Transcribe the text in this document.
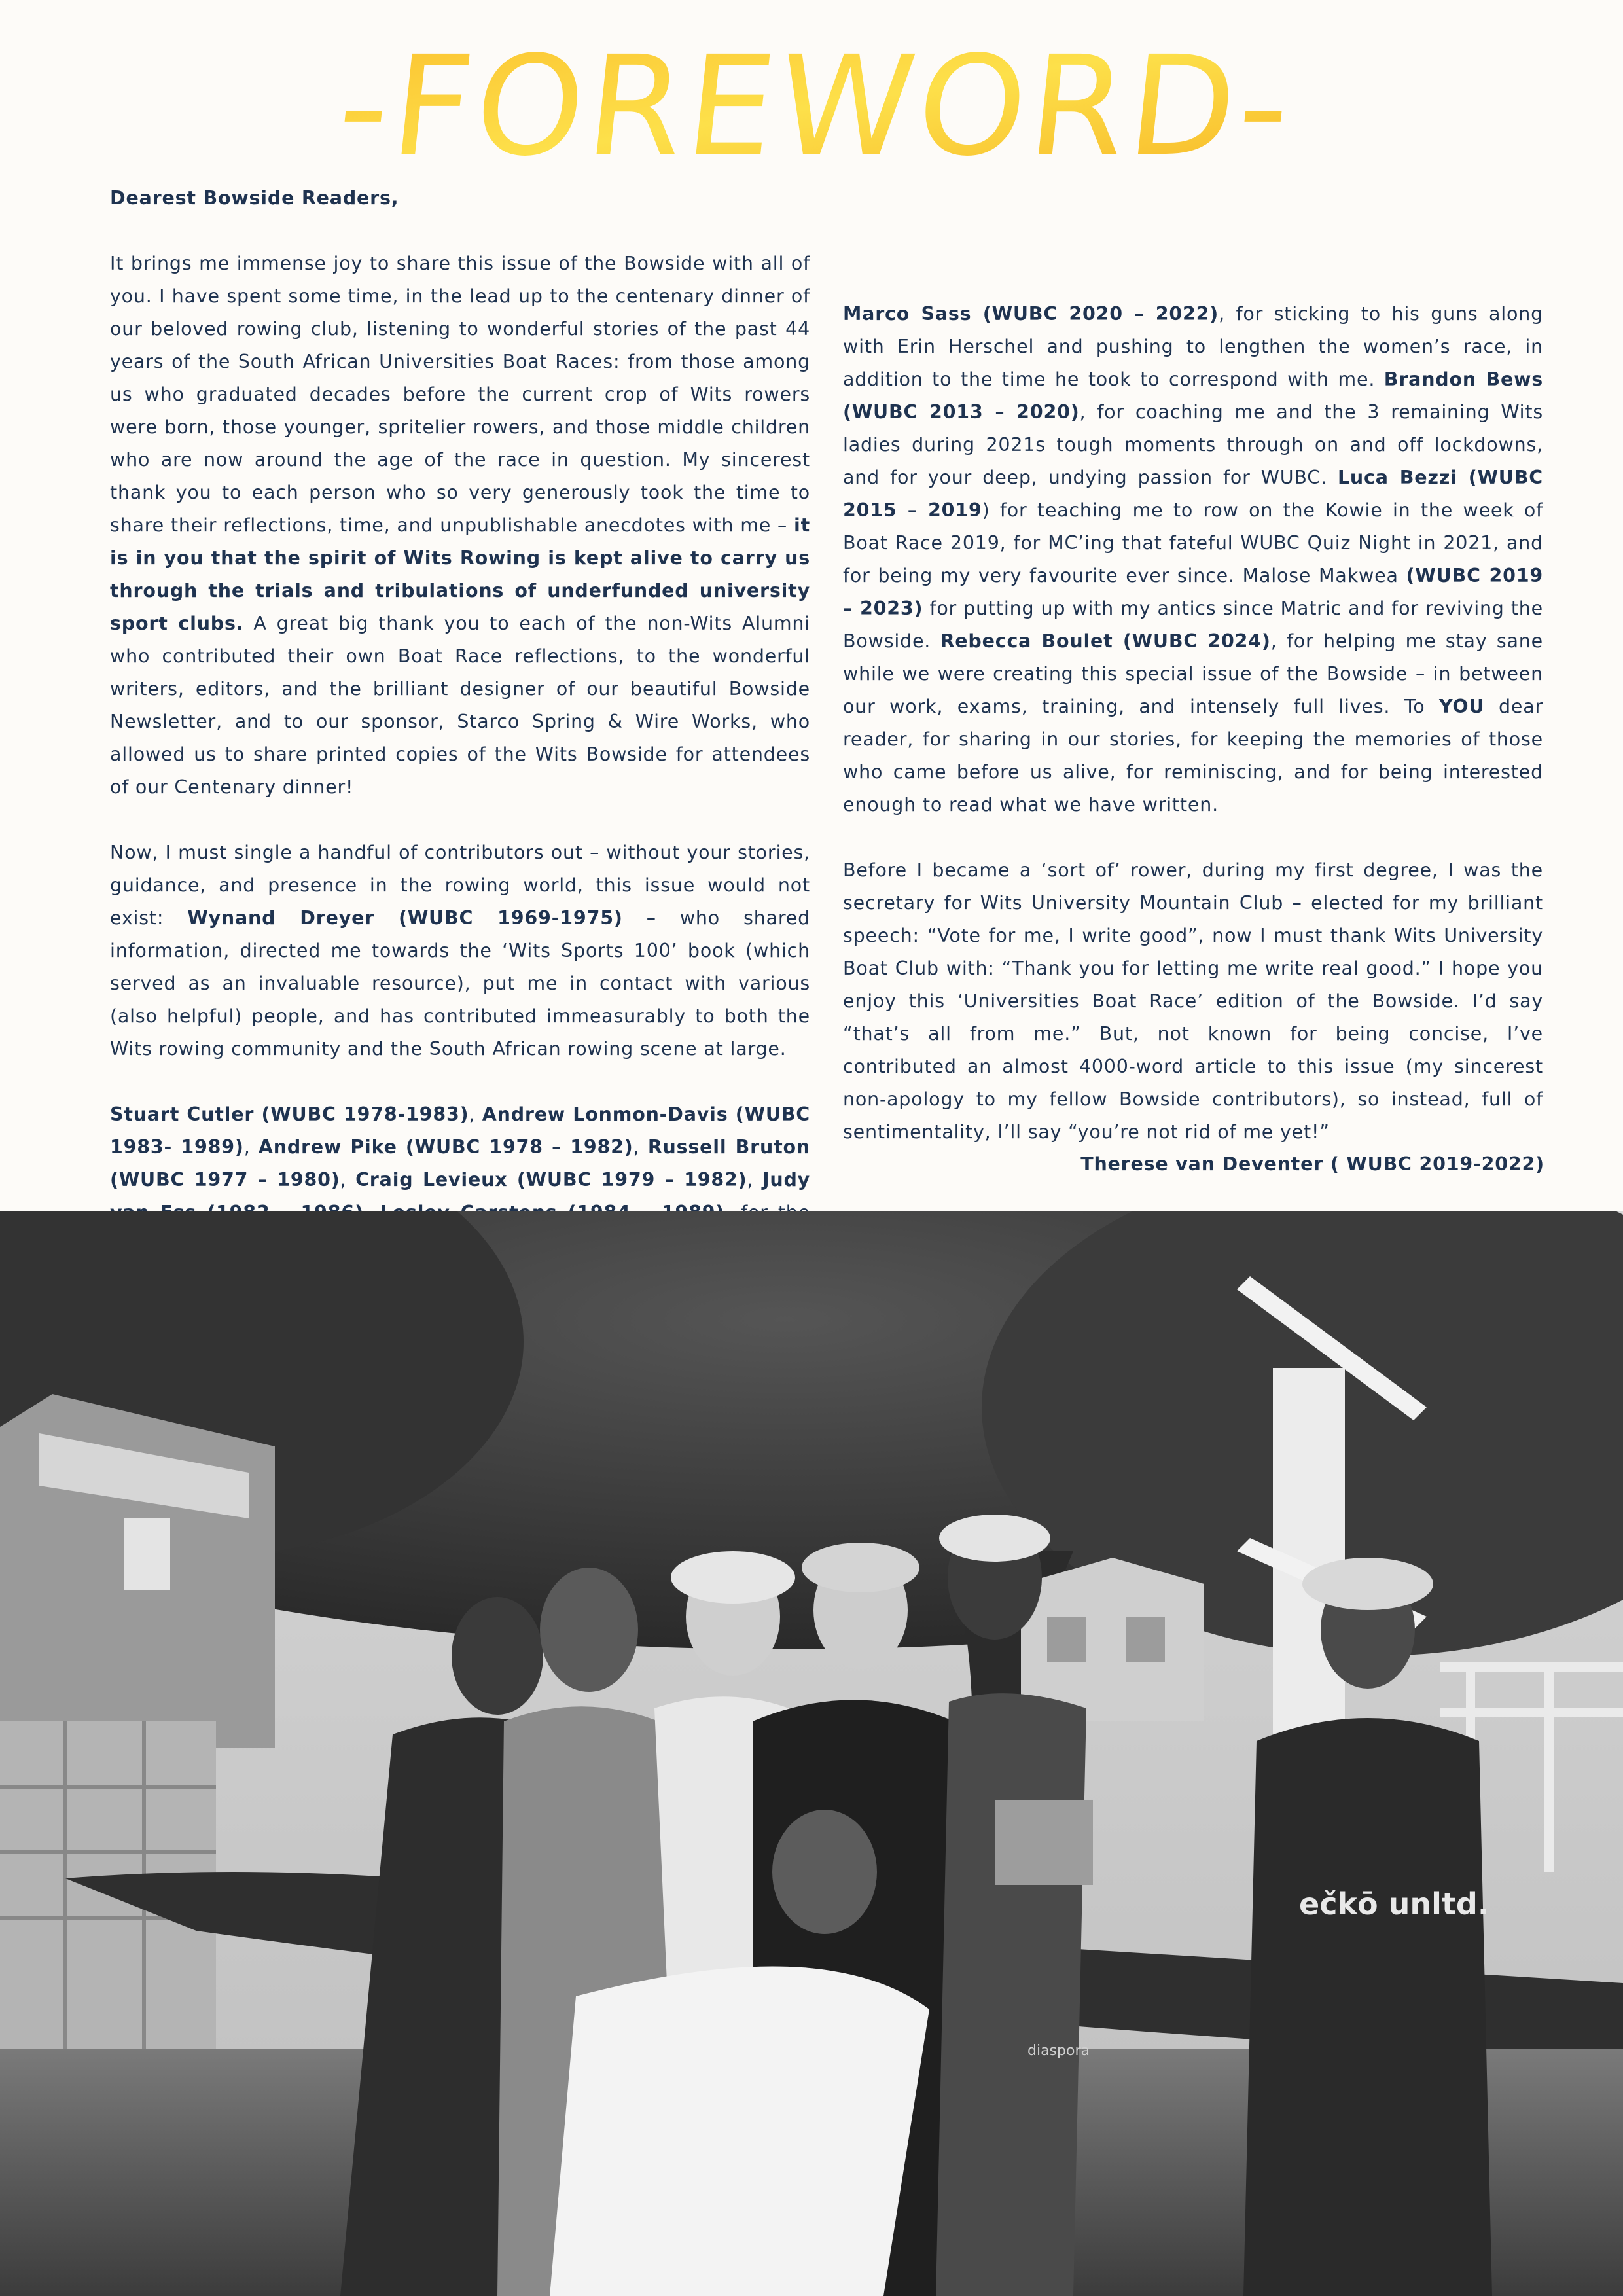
-FOREWORD-

Dearest Bowside Readers,

It brings me immense joy to share this issue of the Bowside with all of you. I have spent some time, in the lead up to the centenary dinner of our beloved rowing club, listening to wonderful stories of the past 44 years of the South African Universities Boat Races: from those among us who graduated decades before the current crop of Wits rowers were born, those younger, spritelier rowers, and those middle children who are now around the age of the race in question. My sincerest thank you to each person who so very generously took the time to share their reflections, time, and unpublishable anecdotes with me – it is in you that the spirit of Wits Rowing is kept alive to carry us through the trials and tribulations of underfunded university sport clubs. A great big thank you to each of the non-Wits Alumni who contributed their own Boat Race reflections, to the wonderful writers, editors, and the brilliant designer of our beautiful Bowside Newsletter, and to our sponsor, Starco Spring & Wire Works, who allowed us to share printed copies of the Wits Bowside for attendees of our Centenary dinner!

Now, I must single a handful of contributors out – without your stories, guidance, and presence in the rowing world, this issue would not exist: Wynand Dreyer (WUBC 1969-1975) – who shared information, directed me towards the ‘Wits Sports 100’ book (which served as an invaluable resource), put me in contact with various (also helpful) people, and has contributed immeasurably to both the Wits rowing community and the South African rowing scene at large.

Stuart Cutler (WUBC 1978-1983), Andrew Lonmon-Davis (WUBC 1983- 1989), Andrew Pike (WUBC 1978 – 1982), Russell Bruton (WUBC 1977 – 1980), Craig Levieux (WUBC 1979 – 1982), Judy

Marco Sass (WUBC 2020 – 2022), for sticking to his guns along with Erin Herschel and pushing to lengthen the women’s race, in addition to the time he took to correspond with me. Brandon Bews (WUBC 2013 – 2020), for coaching me and the 3 remaining Wits ladies during 2021s tough moments through on and off lockdowns, and for your deep, undying passion for WUBC. Luca Bezzi (WUBC 2015 – 2019) for teaching me to row on the Kowie in the week of Boat Race 2019, for MC’ing that fateful WUBC Quiz Night in 2021, and for being my very favourite ever since. Malose Makwea (WUBC 2019 – 2023) for putting up with my antics since Matric and for reviving the Bowside. Rebecca Boulet (WUBC 2024), for helping me stay sane while we were creating this special issue of the Bowside – in between our work, exams, training, and intensely full lives. To YOU dear reader, for sharing in our stories, for keeping the memories of those who came before us alive, for reminiscing, and for being interested enough to read what we have written.

Before I became a ‘sort of’ rower, during my first degree, I was the secretary for Wits University Mountain Club – elected for my brilliant speech: “Vote for me, I write good”, now I must thank Wits University Boat Club with: “Thank you for letting me write real good.” I hope you enjoy this ‘Universities Boat Race’ edition of the Bowside. I’d say “that’s all from me.” But, not known for being concise, I’ve contributed an almost 4000-word article to this issue (my sincerest non-apology to my fellow Bowside contributors), so instead, full of sentimentality, I’ll say “you’re not rid of me yet!”

Therese van Deventer ( WUBC 2019-2022)
diaspora
ečkō unltd.
